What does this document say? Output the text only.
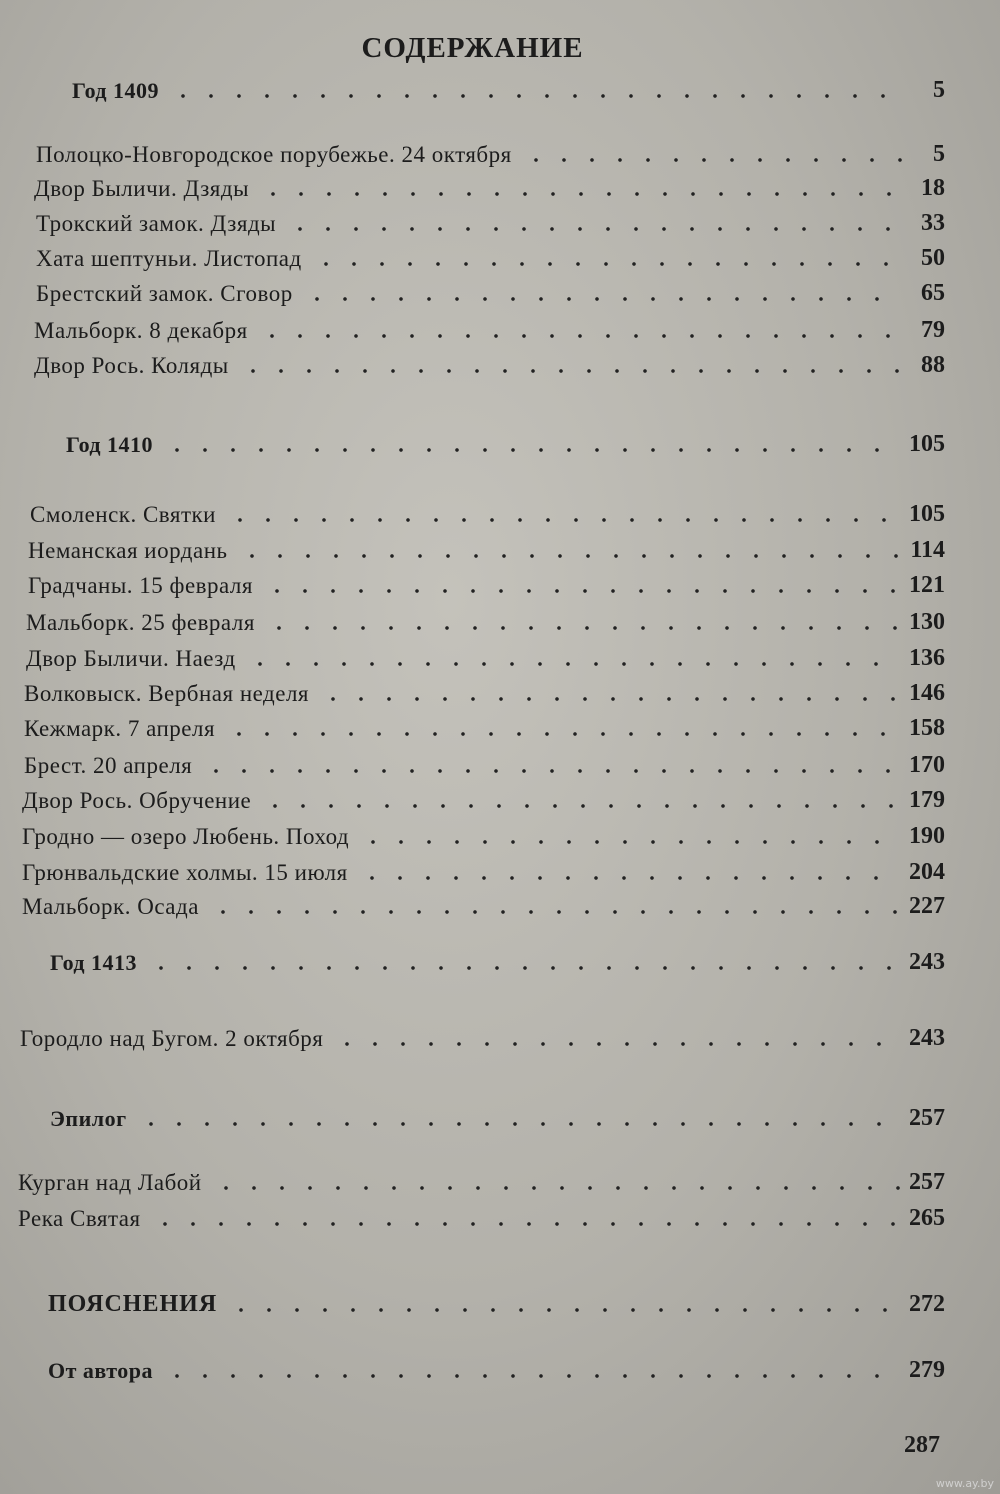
СОДЕРЖАНИЕ
Год 1409	5
Полоцко-Новгородское порубежье. 24 октября	5
Двор Быличи. Дзяды	18
Трокский замок. Дзяды	33
Хата шептуньи. Листопад	50
Брестский замок. Сговор	65
Мальборк. 8 декабря	79
Двор Рось. Коляды	88
Год 1410	105
Смоленск. Святки	105
Неманская иордань	114
Градчаны. 15 февраля	121
Мальборк. 25 февраля	130
Двор Быличи. Наезд	136
Волковыск. Вербная неделя	146
Кежмарк. 7 апреля	158
Брест. 20 апреля	170
Двор Рось. Обручение	179
Гродно — озеро Любень. Поход	190
Грюнвальдские холмы. 15 июля	204
Мальборк. Осада	227
Год 1413	243
Городло над Бугом. 2 октября	243
Эпилог	257
Курган над Лабой	257
Река Святая	265
ПОЯСНЕНИЯ	272
От автора	279
287
www.ay.by
